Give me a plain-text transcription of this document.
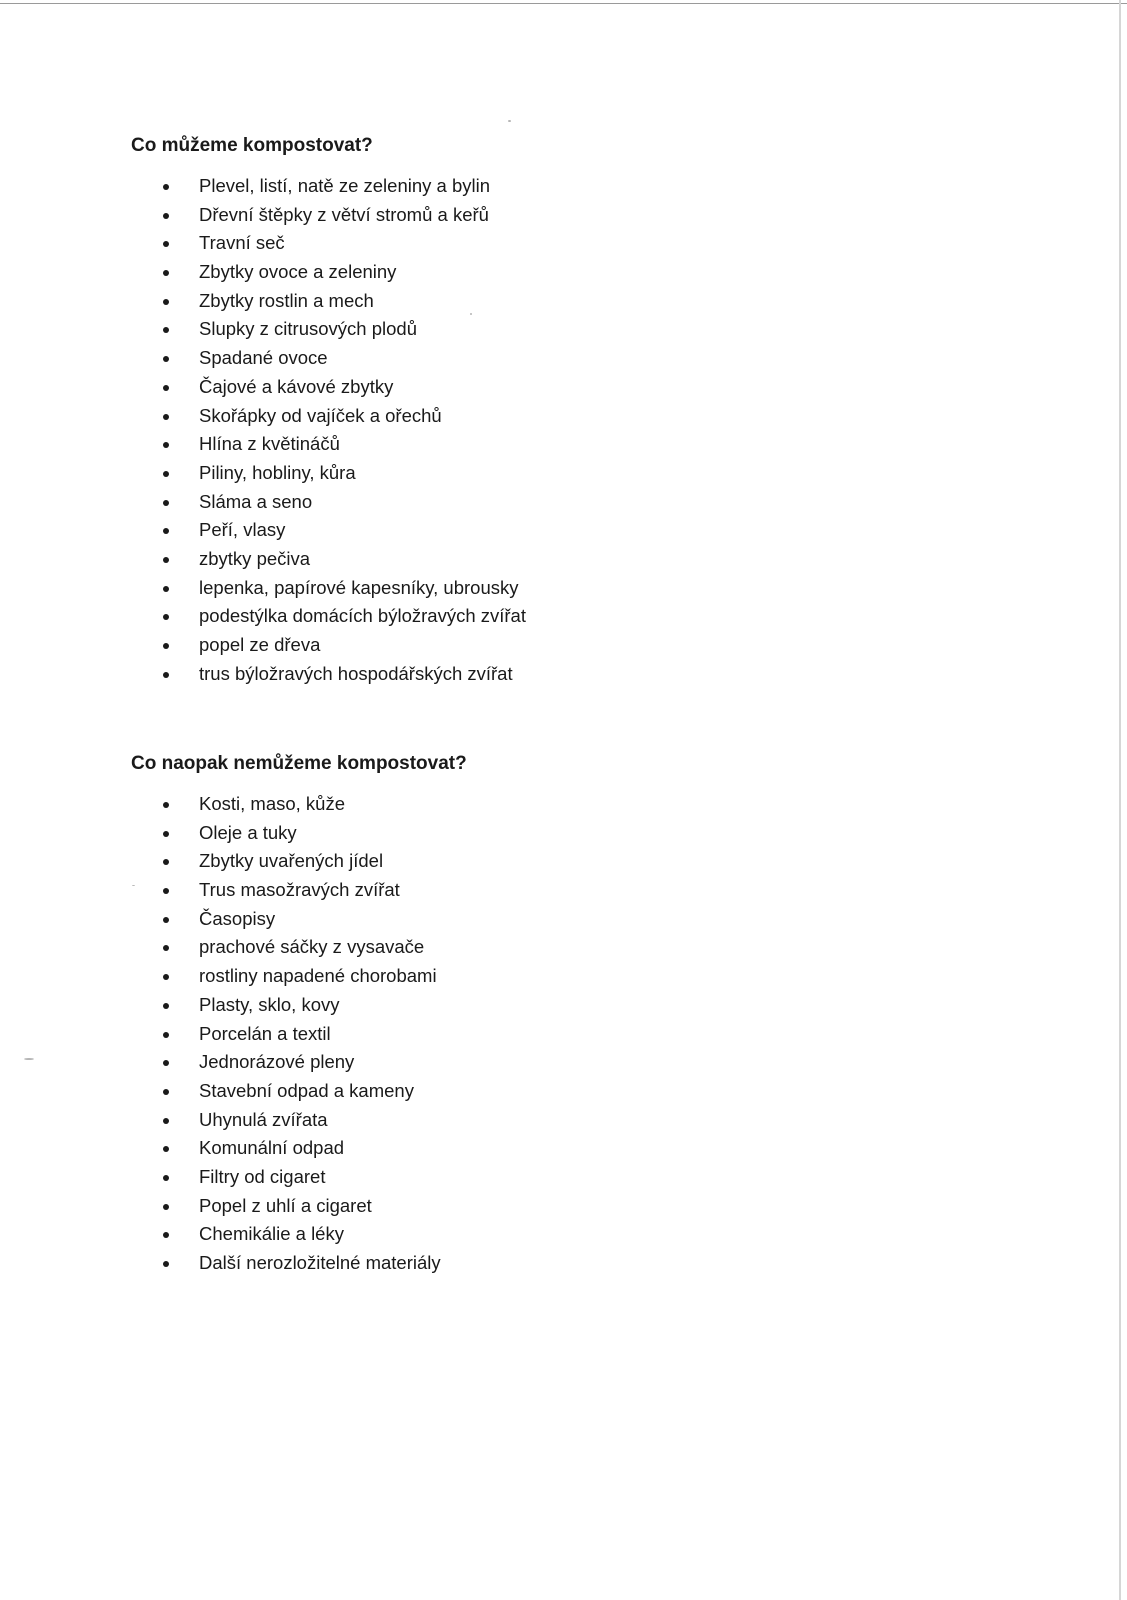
Co můžeme kompostovat?
Plevel, listí, natě ze zeleniny a bylin
Dřevní štěpky z větví stromů a keřů
Travní seč
Zbytky ovoce a zeleniny
Zbytky rostlin a mech
Slupky z citrusových plodů
Spadané ovoce
Čajové a kávové zbytky
Skořápky od vajíček a ořechů
Hlína z květináčů
Piliny, hobliny, kůra
Sláma a seno
Peří, vlasy
zbytky pečiva
lepenka, papírové kapesníky, ubrousky
podestýlka domácích býložravých zvířat
popel ze dřeva
trus býložravých hospodářských zvířat
Co naopak nemůžeme kompostovat?
Kosti, maso, kůže
Oleje a tuky
Zbytky uvařených jídel
Trus masožravých zvířat
Časopisy
prachové sáčky z vysavače
rostliny napadené chorobami
Plasty, sklo, kovy
Porcelán a textil
Jednorázové pleny
Stavební odpad a kameny
Uhynulá zvířata
Komunální odpad
Filtry od cigaret
Popel z uhlí a cigaret
Chemikálie a léky
Další nerozložitelné materiály
